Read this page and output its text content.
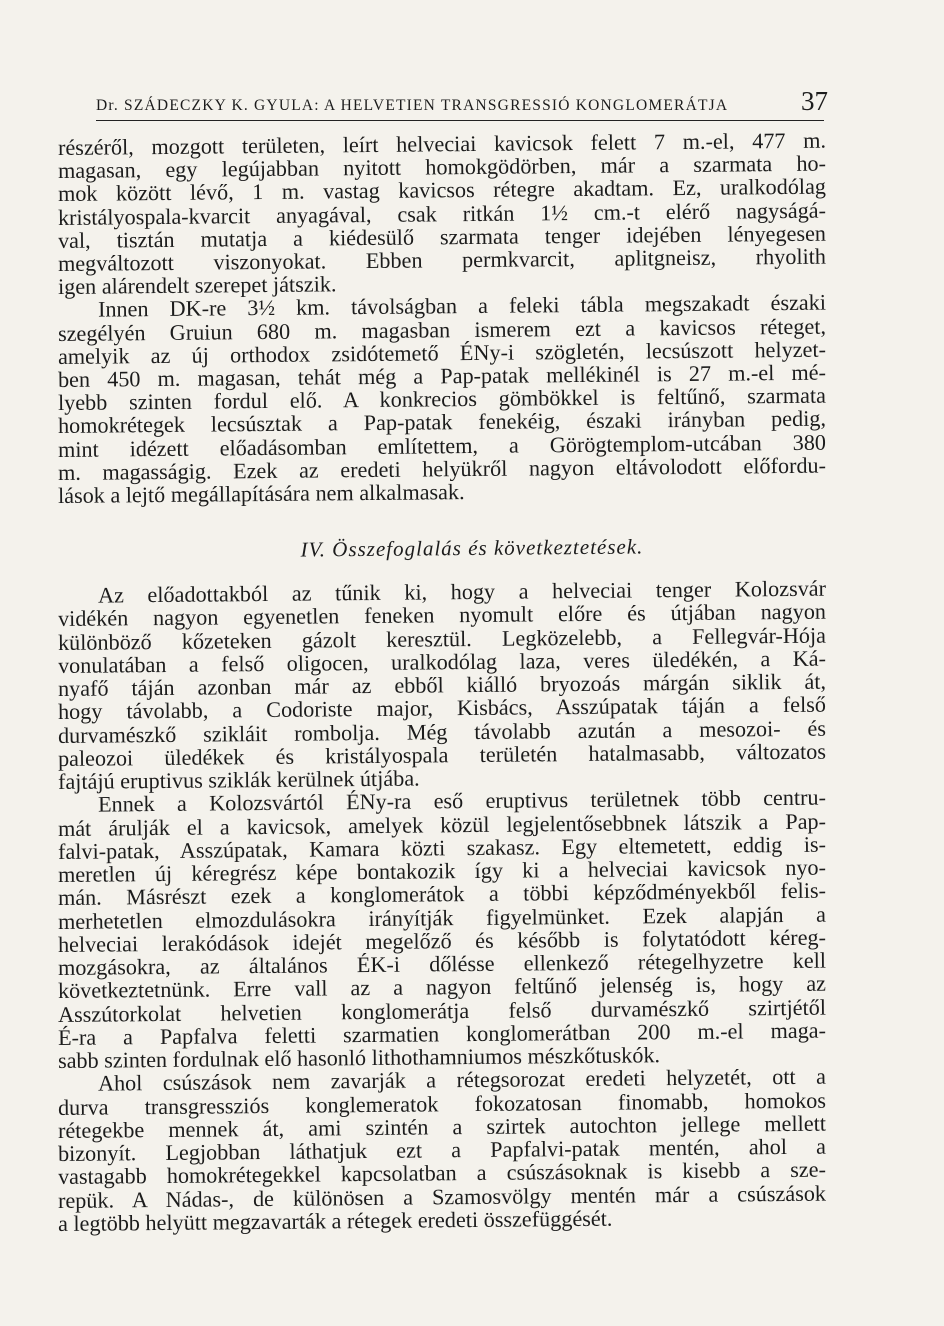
Dr. SZÁDECZKY K. GYULA: A HELVETIEN TRANSGRESSIÓ KONGLOMERÁTJA	37
részéről, mozgott területen, leírt helveciai kavicsok felett 7 m.-el, 477 m.
magasan, egy legújabban nyitott homokgödörben, már a szarmata ho-
mok között lévő, 1 m. vastag kavicsos rétegre akadtam. Ez, uralkodólag
kristályospala-kvarcit anyagával, csak ritkán 1½ cm.-t elérő nagyságá-
val, tisztán mutatja a kiédesülő szarmata tenger idejében lényegesen
megváltozott viszonyokat. Ebben permkvarcit, aplitgneisz, rhyolith
igen alárendelt szerepet játszik.
Innen DK-re 3½ km. távolságban a feleki tábla megszakadt északi
szegélyén Gruiun 680 m. magasban ismerem ezt a kavicsos réteget,
amelyik az új orthodox zsidótemető ÉNy-i szögletén, lecsúszott helyzet-
ben 450 m. magasan, tehát még a Pap-patak mellékinél is 27 m.-el mé-
lyebb szinten fordul elő. A konkrecios gömbökkel is feltűnő, szarmata
homokrétegek lecsúsztak a Pap-patak fenekéig, északi irányban pedig,
mint idézett előadásomban említettem, a Görögtemplom-utcában 380
m. magasságig. Ezek az eredeti helyükről nagyon eltávolodott előfordu-
lások a lejtő megállapítására nem alkalmasak.
IV. Összefoglalás és következtetések.
Az előadottakból az tűnik ki, hogy a helveciai tenger Kolozsvár
vidékén nagyon egyenetlen feneken nyomult előre és útjában nagyon
különböző kőzeteken gázolt keresztül. Legközelebb, a Fellegvár-Hója
vonulatában a felső oligocen, uralkodólag laza, veres üledékén, a Ká-
nyafő táján azonban már az ebből kiálló bryozoás márgán siklik át,
hogy távolabb, a Codoriste major, Kisbács, Asszúpatak táján a felső
durvamészkő szikláit rombolja. Még távolabb azután a mesozoi- és
paleozoi üledékek és kristályospala területén hatalmasabb, változatos
fajtájú eruptivus sziklák kerülnek útjába.
Ennek a Kolozsvártól ÉNy-ra eső eruptivus területnek több centru-
mát árulják el a kavicsok, amelyek közül legjelentősebbnek látszik a Pap-
falvi-patak, Asszúpatak, Kamara közti szakasz. Egy eltemetett, eddig is-
meretlen új kéregrész képe bontakozik így ki a helveciai kavicsok nyo-
mán. Másrészt ezek a konglomerátok a többi képződményekből felis-
merhetetlen elmozdulásokra irányítják figyelmünket. Ezek alapján a
helveciai lerakódások idejét megelőző és később is folytatódott kéreg-
mozgásokra, az általános ÉK-i dőlésse ellenkező rétegelhyzetre kell
következtetnünk. Erre vall az a nagyon feltűnő jelenség is, hogy az
Asszútorkolat helvetien konglomerátja felső durvamészkő szirtjétől
É-ra a Papfalva feletti szarmatien konglomerátban 200 m.-el maga-
sabb szinten fordulnak elő hasonló lithothamniumos mészkőtuskók.
Ahol csúszások nem zavarják a rétegsorozat eredeti helyzetét, ott a
durva transgressziós konglemeratok fokozatosan finomabb, homokos
rétegekbe mennek át, ami szintén a szirtek autochton jellege mellett
bizonyít. Legjobban láthatjuk ezt a Papfalvi-patak mentén, ahol a
vastagabb homokrétegekkel kapcsolatban a csúszásoknak is kisebb a sze-
repük. A Nádas-, de különösen a Szamosvölgy mentén már a csúszások
a legtöbb helyütt megzavarták a rétegek eredeti összefüggését.
